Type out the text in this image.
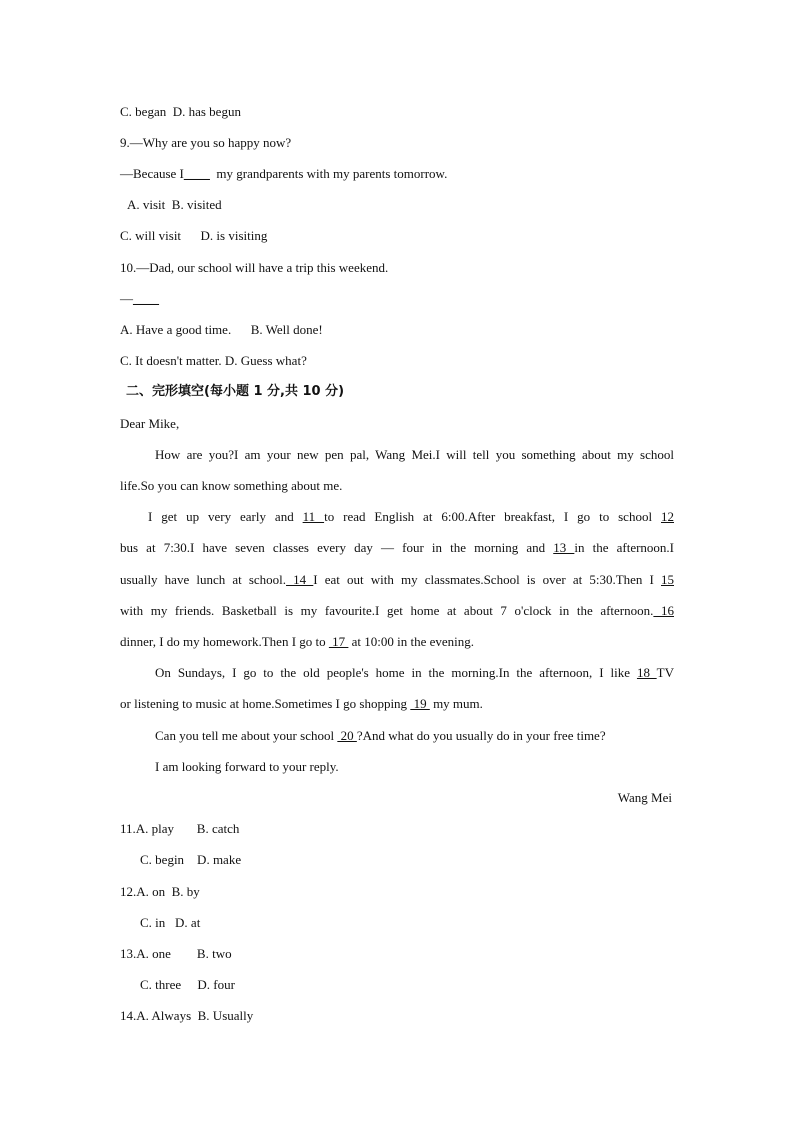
C. began  D. has begun
9.—Why are you so happy now?
—Because I____  my grandparents with my parents tomorrow.
A. visit  B. visited
C. will visit      D. is visiting
10.—Dad, our school will have a trip this weekend.
—____
A. Have a good time.      B. Well done!
C. It doesn't matter. D. Guess what?
二、完形填空(每小题 1 分,共 10 分)
Dear Mike,
How are you?I am your new pen pal, Wang Mei.I will tell you something about my school
life.So you can know something about me.
I get up very early and 11 to read English at 6:00.After breakfast, I go to school 12
bus at 7:30.I have seven classes every day — four in the morning and 13 in the afternoon.I
usually have lunch at school. 14 I eat out with my classmates.School is over at 5:30.Then I 15
with my friends. Basketball is my favourite.I get home at about 7 o'clock in the afternoon. 16
dinner, I do my homework.Then I go to  17  at 10:00 in the evening.
On Sundays, I go to the old people's home in the morning.In the afternoon, I like 18 TV
or listening to music at home.Sometimes I go shopping  19  my mum.
Can you tell me about your school  20 ?And what do you usually do in your free time?
I am looking forward to your reply.
Wang Mei
11.A. play       B. catch
C. begin    D. make
12.A. on  B. by
C. in   D. at
13.A. one        B. two
C. three     D. four
14.A. Always  B. Usually
